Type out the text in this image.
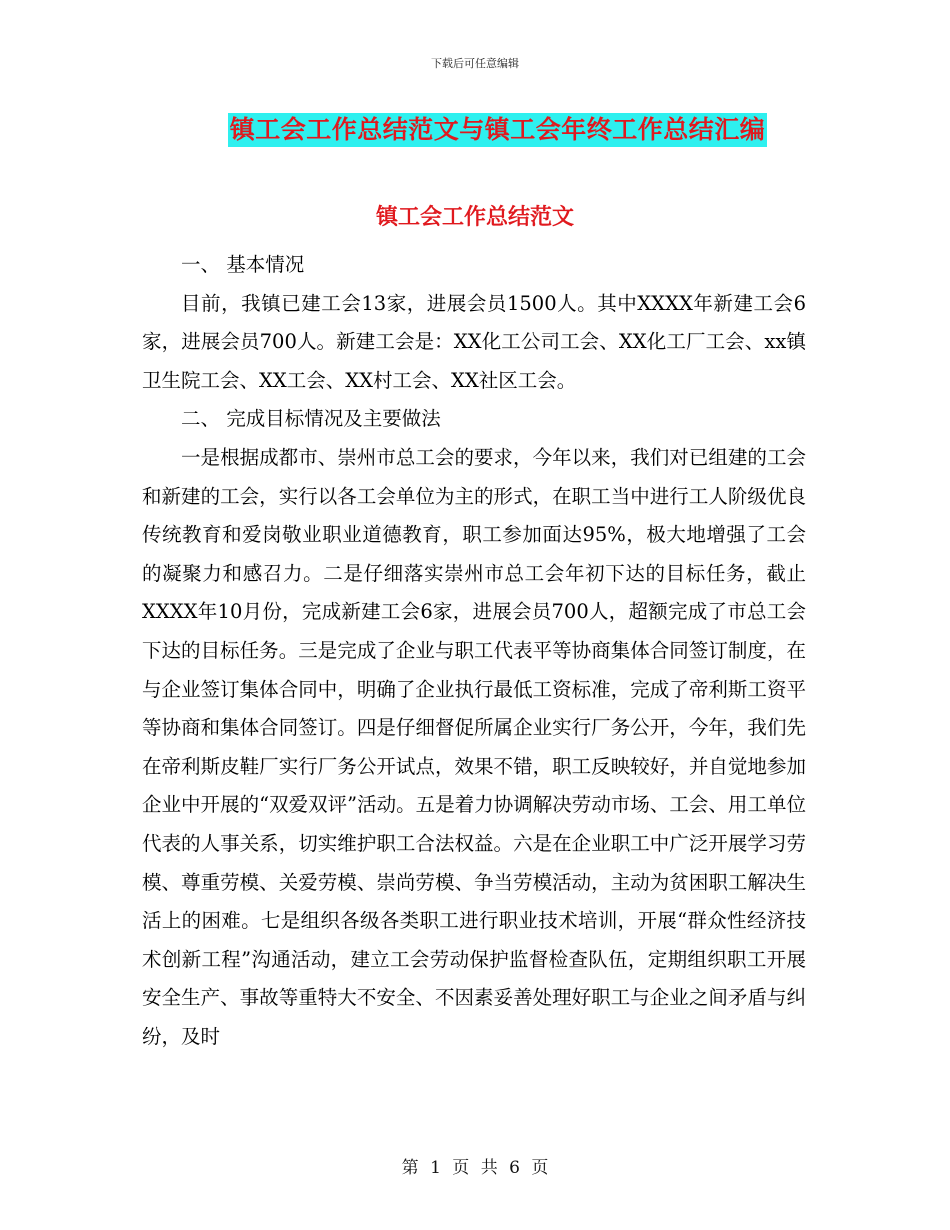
下载后可任意编辑
镇工会工作总结范文与镇工会年终工作总结汇编
镇工会工作总结范文

一、 基本情况

目前，我镇已建工会13家，进展会员1500人。其中XXXX年新建工会6 家，进展会员700人。新建工会是：XX化工公司工会、XX化工厂工会、xx镇卫生院工会、XX工会、XX村工会、XX社区工会。

二、 完成目标情况及主要做法

一是根据成都市、崇州市总工会的要求，今年以来，我们对已组建的工会和新建的工会，实行以各工会单位为主的形式，在职工当中进行工人阶级优良传统教育和爱岗敬业职业道德教育，职工参加面达95%，极大地增强了工会的凝聚力和感召力。二是仔细落实崇州市总工会年初下达的目标任务，截止XXXX年10月份，完成新建工会6家，进展会员700人，超额完成了市总工会下达的目标任务。三是完成了企业与职工代表平等协商集体合同签订制度，在与企业签订集体合同中，明确了企业执行最低工资标准，完成了帝利斯工资平等协商和集体合同签订。四是仔细督促所属企业实行厂务公开，今年，我们先在帝利斯皮鞋厂实行厂务公开试点，效果不错，职工反映较好，并自觉地参加企业中开展的“双爱双评”活动。五是着力协调解决劳动市场、工会、用工单位代表的人事关系，切实维护职工合法权益。六是在企业职工中广泛开展学习劳模、尊重劳模、关爱劳模、崇尚劳模、争当劳模活动，主动为贫困职工解决生活上的困难。七是组织各级各类职工进行职业技术培训，开展“群众性经济技术创新工程”沟通活动，建立工会劳动保护监督检查队伍，定期组织职工开展安全生产、事故等重特大不安全、不因素妥善处理好职工与企业之间矛盾与纠纷，及时

第 1 页 共 6 页
